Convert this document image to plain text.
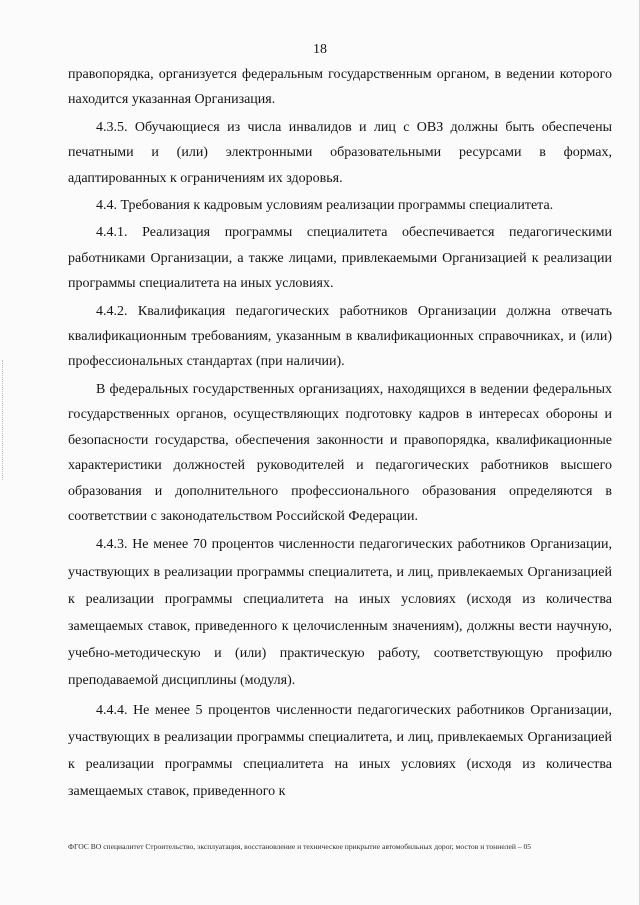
18

правопорядка, организуется федеральным государственным органом, в ведении которого находится указанная Организация.

4.3.5. Обучающиеся из числа инвалидов и лиц с ОВЗ должны быть обеспечены печатными и (или) электронными образовательными ресурсами в формах, адаптированных к ограничениям их здоровья.

4.4. Требования к кадровым условиям реализации программы специалитета.

4.4.1. Реализация программы специалитета обеспечивается педагогическими работниками Организации, а также лицами, привлекаемыми Организацией к реализации программы специалитета на иных условиях.

4.4.2. Квалификация педагогических работников Организации должна отвечать квалификационным требованиям, указанным в квалификационных справочниках, и (или) профессиональных стандартах (при наличии).

В федеральных государственных организациях, находящихся в ведении федеральных государственных органов, осуществляющих подготовку кадров в интересах обороны и безопасности государства, обеспечения законности и правопорядка, квалификационные характеристики должностей руководителей и педагогических работников высшего образования и дополнительного профессионального образования определяются в соответствии с законодательством Российской Федерации.

4.4.3. Не менее 70 процентов численности педагогических работников Организации, участвующих в реализации программы специалитета, и лиц, привлекаемых Организацией к реализации программы специалитета на иных условиях (исходя из количества замещаемых ставок, приведенного к целочисленным значениям), должны вести научную, учебно-методическую и (или) практическую работу, соответствующую профилю преподаваемой дисциплины (модуля).

4.4.4. Не менее 5 процентов численности педагогических работников Организации, участвующих в реализации программы специалитета, и лиц, привлекаемых Организацией к реализации программы специалитета на иных условиях (исходя из количества замещаемых ставок, приведенного к

ФГОС ВО специалитет Строительство, эксплуатация, восстановление и техническое прикрытие автомобильных дорог, мостов и тоннелей – 05
